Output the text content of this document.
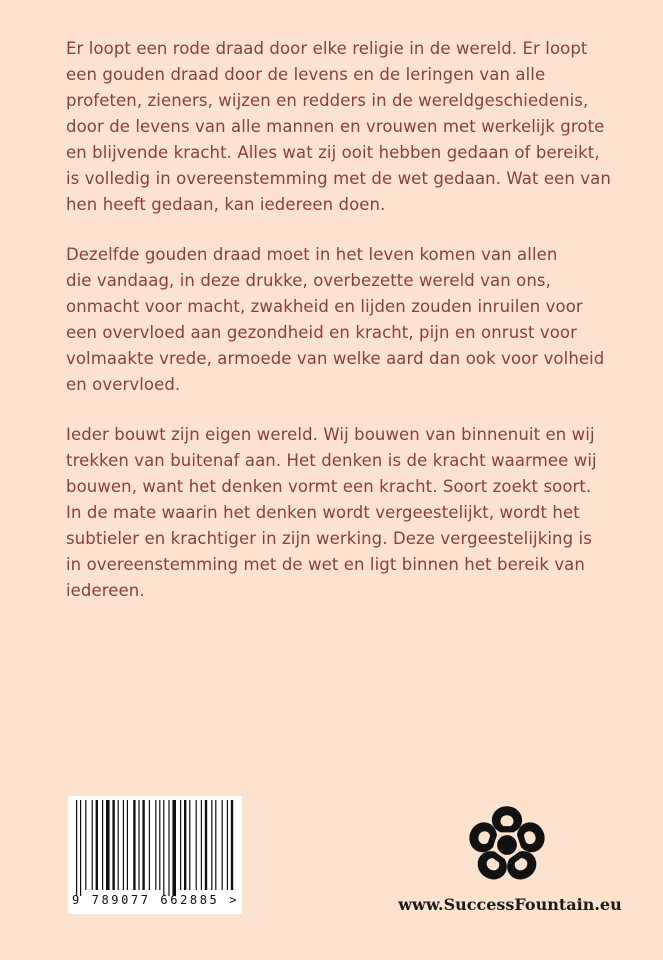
Er loopt een rode draad door elke religie in de wereld. Er loopt
een gouden draad door de levens en de leringen van alle
profeten, zieners, wijzen en redders in de wereldgeschiedenis,
door de levens van alle mannen en vrouwen met werkelijk grote
en blijvende kracht. Alles wat zij ooit hebben gedaan of bereikt,
is volledig in overeenstemming met de wet gedaan. Wat een van
hen heeft gedaan, kan iedereen doen.

Dezelfde gouden draad moet in het leven komen van allen
die vandaag, in deze drukke, overbezette wereld van ons,
onmacht voor macht, zwakheid en lijden zouden inruilen voor
een overvloed aan gezondheid en kracht, pijn en onrust voor
volmaakte vrede, armoede van welke aard dan ook voor volheid
en overvloed.

Ieder bouwt zijn eigen wereld. Wij bouwen van binnenuit en wij
trekken van buitenaf aan. Het denken is de kracht waarmee wij
bouwen, want het denken vormt een kracht. Soort zoekt soort.
In de mate waarin het denken wordt vergeestelijkt, wordt het
subtieler en krachtiger in zijn werking. Deze vergeestelijking is
in overeenstemming met de wet en ligt binnen het bereik van
iedereen.

9 789077 662885 >	www.SuccessFountain.eu
